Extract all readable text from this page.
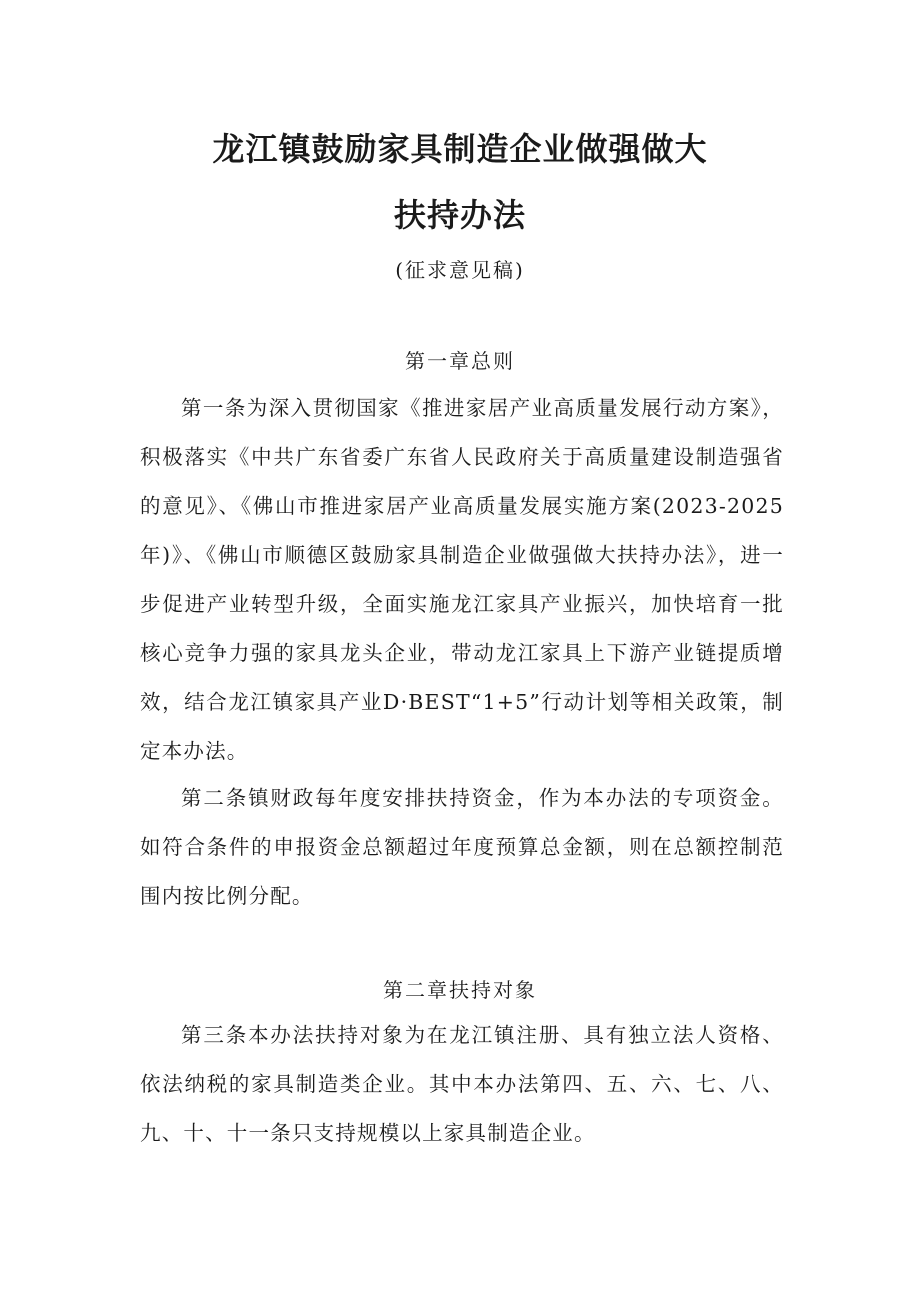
龙江镇鼓励家具制造企业做强做大
扶持办法
(征求意见稿)
第一章总则

第一条为深入贯彻国家《推进家居产业高质量发展行动方案》，积极落实《中共广东省委广东省人民政府关于高质量建设制造强省的意见》、《佛山市推进家居产业高质量发展实施方案(2023-2025年)》、《佛山市顺德区鼓励家具制造企业做强做大扶持办法》，进一步促进产业转型升级，全面实施龙江家具产业振兴，加快培育一批核心竞争力强的家具龙头企业，带动龙江家具上下游产业链提质增效，结合龙江镇家具产业D·BEST“1+5”行动计划等相关政策，制定本办法。

第二条镇财政每年度安排扶持资金，作为本办法的专项资金。如符合条件的申报资金总额超过年度预算总金额，则在总额控制范围内按比例分配。

第二章扶持对象

第三条本办法扶持对象为在龙江镇注册、具有独立法人资格、依法纳税的家具制造类企业。其中本办法第四、五、六、七、八、九、十、十一条只支持规模以上家具制造企业。
